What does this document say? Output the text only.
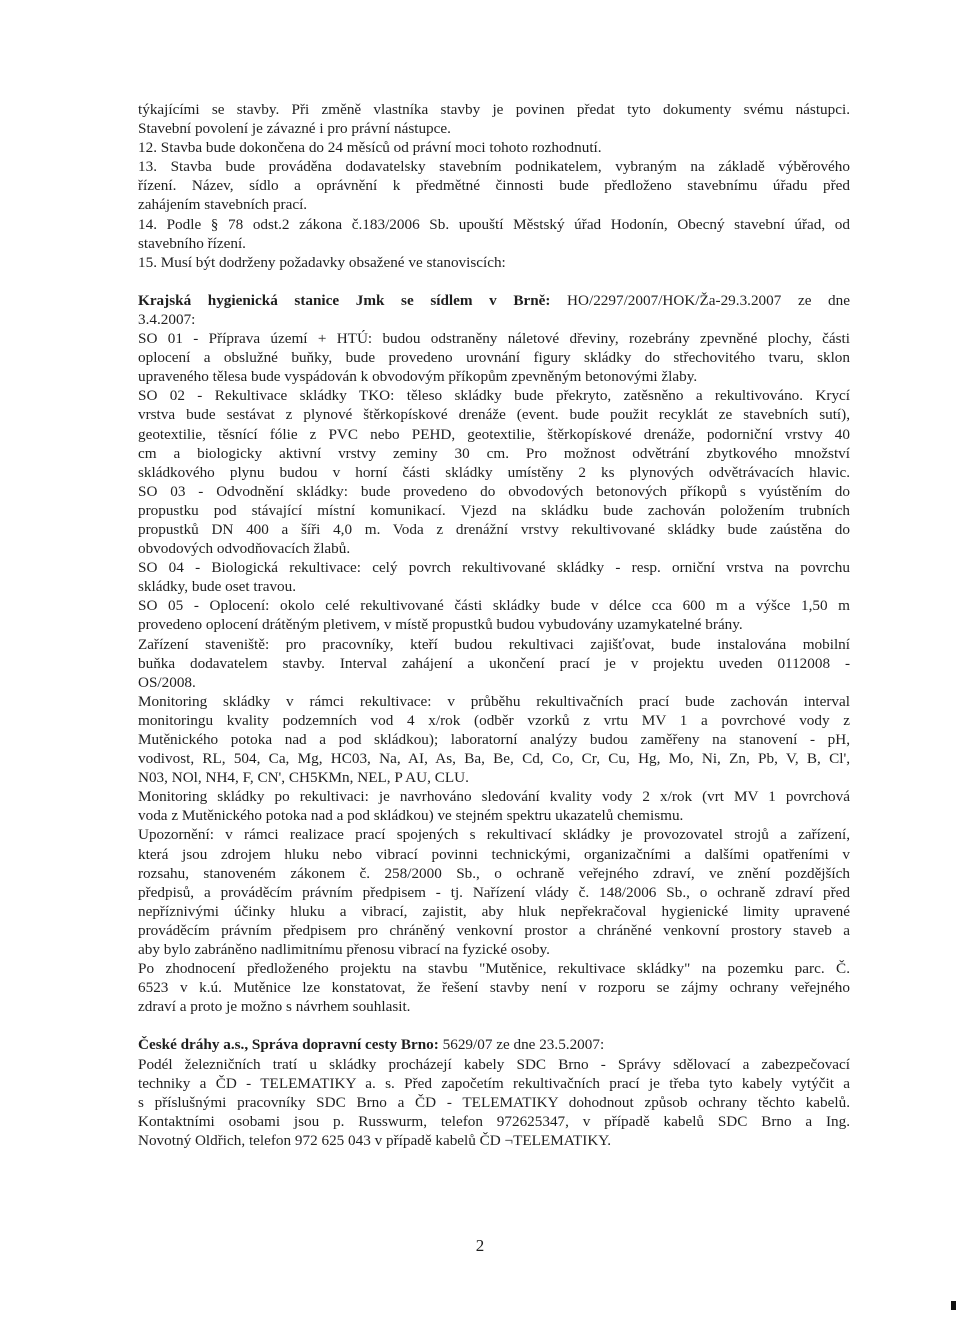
týkajícími se stavby. Při změně vlastníka stavby je povinen předat tyto dokumenty svému nástupci.
Stavební povolení je závazné i pro právní nástupce.
12. Stavba bude dokončena do 24 měsíců od právní moci tohoto rozhodnutí.
13. Stavba bude prováděna dodavatelsky stavebním podnikatelem, vybraným na základě výběrového
řízení. Název, sídlo a oprávnění k předmětné činnosti bude předloženo stavebnímu úřadu před
zahájením stavebních prací.
14. Podle § 78 odst.2 zákona č.183/2006 Sb. upouští Městský úřad Hodonín, Obecný stavební úřad, od
stavebního řízení.
15. Musí být dodrženy požadavky obsažené ve stanoviscích:
Krajská hygienická stanice Jmk se sídlem v Brně: HO/2297/2007/HOK/Ža-29.3.2007 ze dne
3.4.2007:
SO 01 - Příprava území + HTÚ: budou odstraněny náletové dřeviny, rozebrány zpevněné plochy, části
oplocení a obslužné buňky, bude provedeno urovnání figury skládky do střechovitého tvaru, sklon
upraveného tělesa bude vyspádován k obvodovým příkopům zpevněným betonovými žlaby.
SO 02 - Rekultivace skládky TKO: těleso skládky bude překryto, zatěsněno a rekultivováno. Krycí
vrstva bude sestávat z plynové štěrkopískové drenáže (event. bude použit recyklát ze stavebních sutí),
geotextilie, těsnící fólie z PVC nebo PEHD, geotextilie, štěrkopískové drenáže, podorniční vrstvy 40
cm a biologicky aktivní vrstvy zeminy 30 cm. Pro možnost odvětrání zbytkového množství
skládkového plynu budou v horní části skládky umístěny 2 ks plynových odvětrávacích hlavic.
SO 03 - Odvodnění skládky: bude provedeno do obvodových betonových příkopů s vyústěním do
propustku pod stávající místní komunikací. Vjezd na skládku bude zachován položením trubních
propustků DN 400 a šíři 4,0 m. Voda z drenážní vrstvy rekultivované skládky bude zaústěna do
obvodových odvodňovacích žlabů.
SO 04 - Biologická rekultivace: celý povrch rekultivované skládky - resp. orniční vrstva na povrchu
skládky, bude oset travou.
SO 05 - Oplocení: okolo celé rekultivované části skládky bude v délce cca 600 m a výšce 1,50 m
provedeno oplocení drátěným pletivem, v místě propustků budou vybudovány uzamykatelné brány.
Zařízení staveniště: pro pracovníky, kteří budou rekultivaci zajišťovat, bude instalována mobilní
buňka dodavatelem stavby. Interval zahájení a ukončení prací je v projektu uveden 0112008 -
OS/2008.
Monitoring skládky v rámci rekultivace: v průběhu rekultivačních prací bude zachován interval
monitoringu kvality podzemních vod 4 x/rok (odběr vzorků z vrtu MV 1 a povrchové vody z
Mutěnického potoka nad a pod skládkou); laboratorní analýzy budou zaměřeny na stanovení - pH,
vodivost, RL, 504, Ca, Mg, HC03, Na, AI, As, Ba, Be, Cd, Co, Cr, Cu, Hg, Mo, Ni, Zn, Pb, V, B, Cl',
N03, NOl, NH4, F, CN', CH5KMn, NEL, P AU, CLU.
Monitoring skládky po rekultivaci: je navrhováno sledování kvality vody 2 x/rok (vrt MV 1 povrchová
voda z Mutěnického potoka nad a pod skládkou) ve stejném spektru ukazatelů chemismu.
Upozornění: v rámci realizace prací spojených s rekultivací skládky je provozovatel strojů a zařízení,
která jsou zdrojem hluku nebo vibrací povinni technickými, organizačními a dalšími opatřeními v
rozsahu, stanoveném zákonem č. 258/2000 Sb., o ochraně veřejného zdraví, ve znění pozdějších
předpisů, a prováděcím právním předpisem - tj. Nařízení vlády č. 148/2006 Sb., o ochraně zdraví před
nepříznivými účinky hluku a vibrací, zajistit, aby hluk nepřekračoval hygienické limity upravené
prováděcím právním předpisem pro chráněný venkovní prostor a chráněné venkovní prostory staveb a
aby bylo zabráněno nadlimitnímu přenosu vibrací na fyzické osoby.
Po zhodnocení předloženého projektu na stavbu "Mutěnice, rekultivace skládky" na pozemku parc. Č.
6523 v k.ú. Mutěnice lze konstatovat, že řešení stavby není v rozporu se zájmy ochrany veřejného
zdraví a proto je možno s návrhem souhlasit.
České dráhy a.s., Správa dopravní cesty Brno: 5629/07 ze dne 23.5.2007:
Podél železničních tratí u skládky procházejí kabely SDC Brno - Správy sdělovací a zabezpečovací
techniky a ČD - TELEMATIKY a. s. Před započetím rekultivačních prací je třeba tyto kabely vytýčit a
s příslušnými pracovníky SDC Brno a ČD - TELEMATIKY dohodnout způsob ochrany těchto kabelů.
Kontaktními osobami jsou p. Russwurm, telefon 972625347, v případě kabelů SDC Brno a Ing.
Novotný Oldřich, telefon 972 625 043 v případě kabelů ČD ¬TELEMATIKY.
2
